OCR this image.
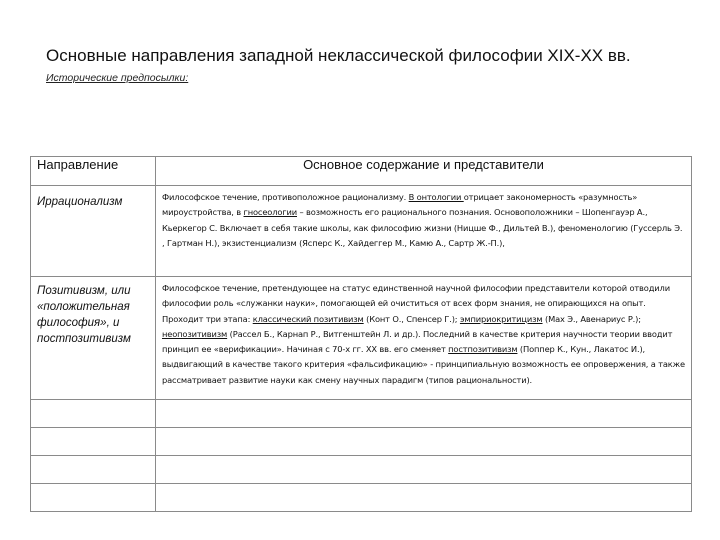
Основные направления западной неклассической философии XIX-XX вв.
Исторические предпосылки:
Направление	Основное содержание и представители
Иррационализм	Философское течение, противоположное рационализму. В онтологии отрицает закономерность «разумность» мироустройства, в гносеологии – возможность его рационального познания. Основоположники – Шопенгауэр А., Кьеркегор С. Включает в себя такие школы, как философию жизни (Ницше Ф., Дильтей В.), феноменологию (Гуссерль Э. , Гартман Н.), экзистенциализм (Ясперс К., Хайдеггер М., Камю А., Сартр Ж.-П.),
Позитивизм, или «положительная философия», и постпозитивизм	Философское течение, претендующее на статус единственной научной философии представители которой отводили философии роль «служанки науки», помогающей ей очиститься от всех форм знания, не опирающихся на опыт. Проходит три этапа: классический позитивизм (Конт О., Спенсер Г.); эмпириокритицизм (Мах Э., Авенариус Р.); неопозитивизм (Рассел Б., Карнап Р., Витгенштейн Л. и др.). Последний в качестве критерия научности теории вводит принцип ее «верификации». Начиная с 70-х гг. XX вв. его сменяет постпозитивизм (Поппер К., Кун., Лакатос И.), выдвигающий в качестве такого критерия «фальсификацию» - принципиальную возможность ее опровержения, а также рассматривает развитие науки как смену научных парадигм (типов рациональности).
